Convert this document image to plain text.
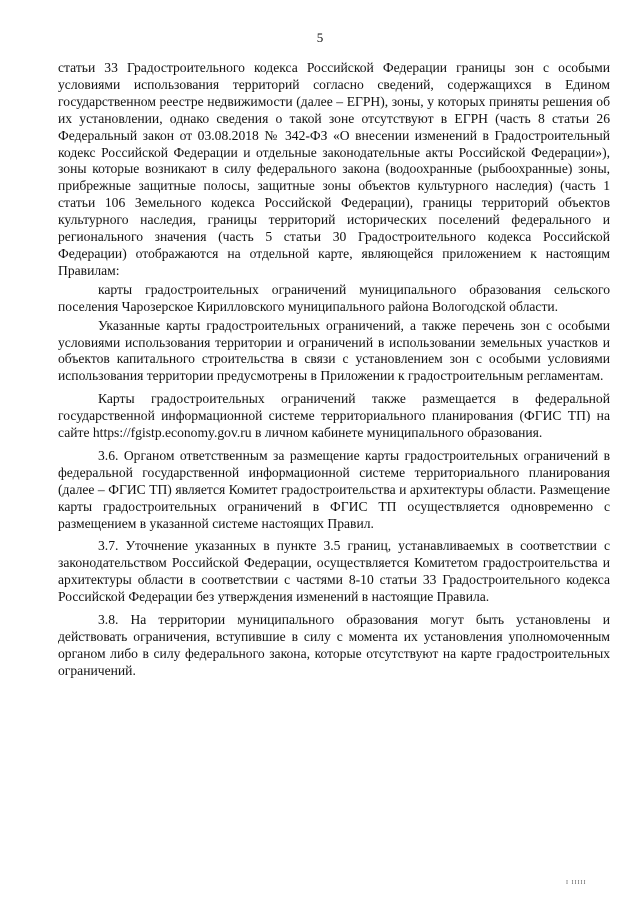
5

статьи 33 Градостроительного кодекса Российской Федерации границы зон с особыми условиями использования территорий согласно сведений, содержащихся в Едином государственном реестре недвижимости (далее – ЕГРН), зоны, у которых приняты решения об их установлении, однако сведения о такой зоне отсутствуют в ЕГРН (часть 8 статьи 26 Федеральный закон от 03.08.2018 № 342-ФЗ «О внесении изменений в Градостроительный кодекс Российской Федерации и отдельные законодательные акты Российской Федерации»), зоны которые возникают в силу федерального закона (водоохранные (рыбоохранные) зоны, прибрежные защитные полосы, защитные зоны объектов культурного наследия) (часть 1 статьи 106 Земельного кодекса Российской Федерации), границы территорий объектов культурного наследия, границы территорий исторических поселений федерального и регионального значения (часть 5 статьи 30 Градостроительного кодекса Российской Федерации) отображаются на отдельной карте, являющейся приложением к настоящим Правилам:

карты градостроительных ограничений муниципального образования сельского поселения Чарозерское Кирилловского муниципального района Вологодской области.

Указанные карты градостроительных ограничений, а также перечень зон с особыми условиями использования территории и ограничений в использовании земельных участков и объектов капитального строительства в связи с установлением зон с особыми условиями использования территории предусмотрены в Приложении к градостроительным регламентам.

Карты градостроительных ограничений также размещается в федеральной государственной информационной системе территориального планирования (ФГИС ТП) на сайте https://fgistp.economy.gov.ru в личном кабинете муниципального образования.

3.6. Органом ответственным за размещение карты градостроительных ограничений в федеральной государственной информационной системе территориального планирования (далее – ФГИС ТП) является Комитет градостроительства и архитектуры области. Размещение карты градостроительных ограничений в ФГИС ТП осуществляется одновременно с размещением в указанной системе настоящих Правил.

3.7. Уточнение указанных в пункте 3.5 границ, устанавливаемых в соответствии с законодательством Российской Федерации, осуществляется Комитетом градостроительства и архитектуры области в соответствии с частями 8-10 статьи 33 Градостроительного кодекса Российской Федерации без утверждения изменений в настоящие Правила.

3.8. На территории муниципального образования могут быть установлены и действовать ограничения, вступившие в силу с момента их установления уполномоченным органом либо в силу федерального закона, которые отсутствуют на карте градостроительных ограничений.

I IIIII
